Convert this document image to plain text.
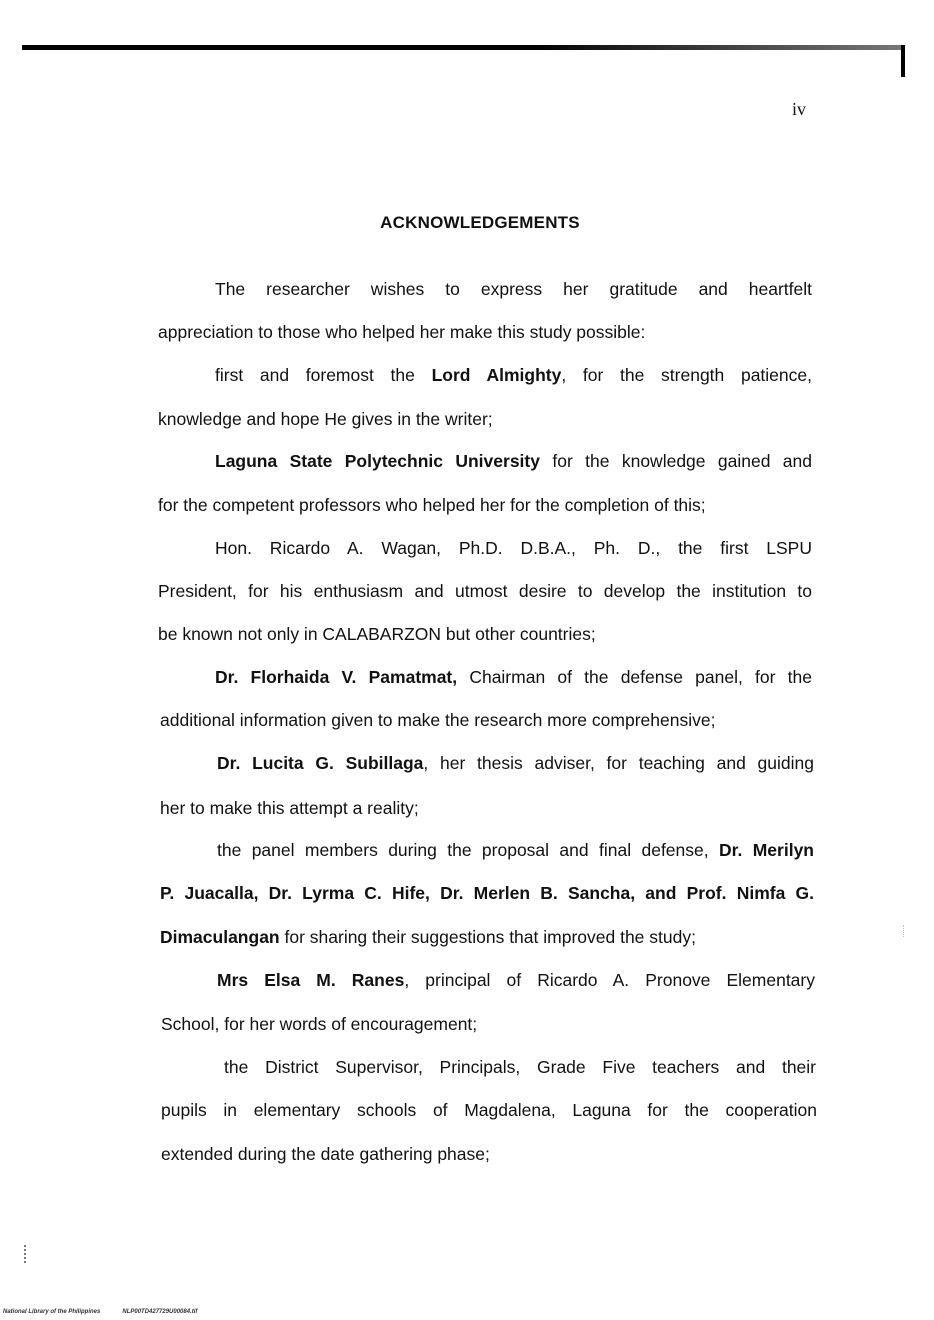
iv
ACKNOWLEDGEMENTS
The researcher wishes to express her gratitude and heartfelt
appreciation to those who helped her make this study possible:
first and foremost the Lord Almighty, for the strength patience,
knowledge and hope He gives in the writer;
Laguna State Polytechnic University for the knowledge gained and
for the competent professors who helped her for the completion of this;
Hon. Ricardo A. Wagan, Ph.D. D.B.A., Ph. D., the first LSPU
President, for his enthusiasm and utmost desire to develop the institution to
be known not only in CALABARZON but other countries;
Dr. Florhaida V. Pamatmat, Chairman of the defense panel, for the
additional information given to make the research more comprehensive;
Dr. Lucita G. Subillaga, her thesis adviser, for teaching and guiding
her to make this attempt a reality;
the panel members during the proposal and final defense, Dr. Merilyn
P. Juacalla, Dr. Lyrma C. Hife, Dr. Merlen B. Sancha, and Prof. Nimfa G.
Dimaculangan for sharing their suggestions that improved the study;
Mrs Elsa M. Ranes, principal of Ricardo A. Pronove Elementary
School, for her words of encouragement;
the District Supervisor, Principals, Grade Five teachers and their
pupils in elementary schools of Magdalena, Laguna for the cooperation
extended during the date gathering phase;
National Library of the Philippines	NLP00TD427729U00084.tif
